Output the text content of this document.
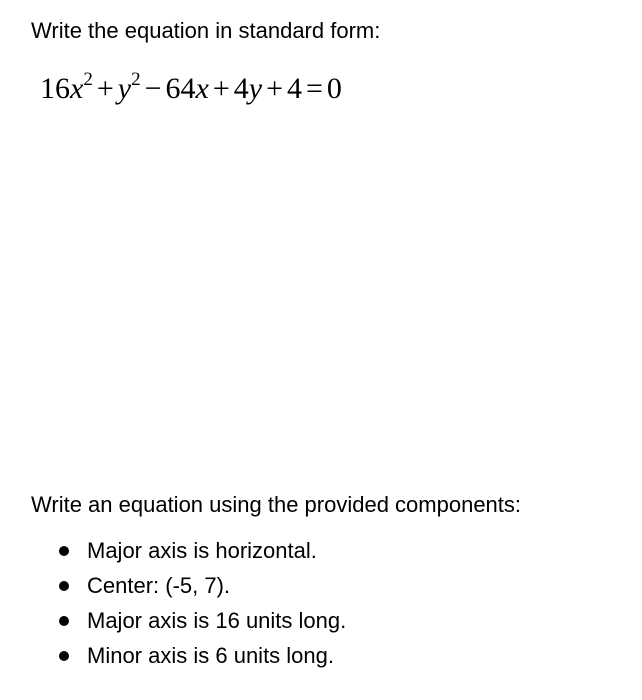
Write the equation in standard form:
$16x^2 + y^2 - 64x + 4y + 4 = 0$
Write an equation using the provided components:
Major axis is horizontal.
Center: (-5, 7).
Major axis is 16 units long.
Minor axis is 6 units long.
